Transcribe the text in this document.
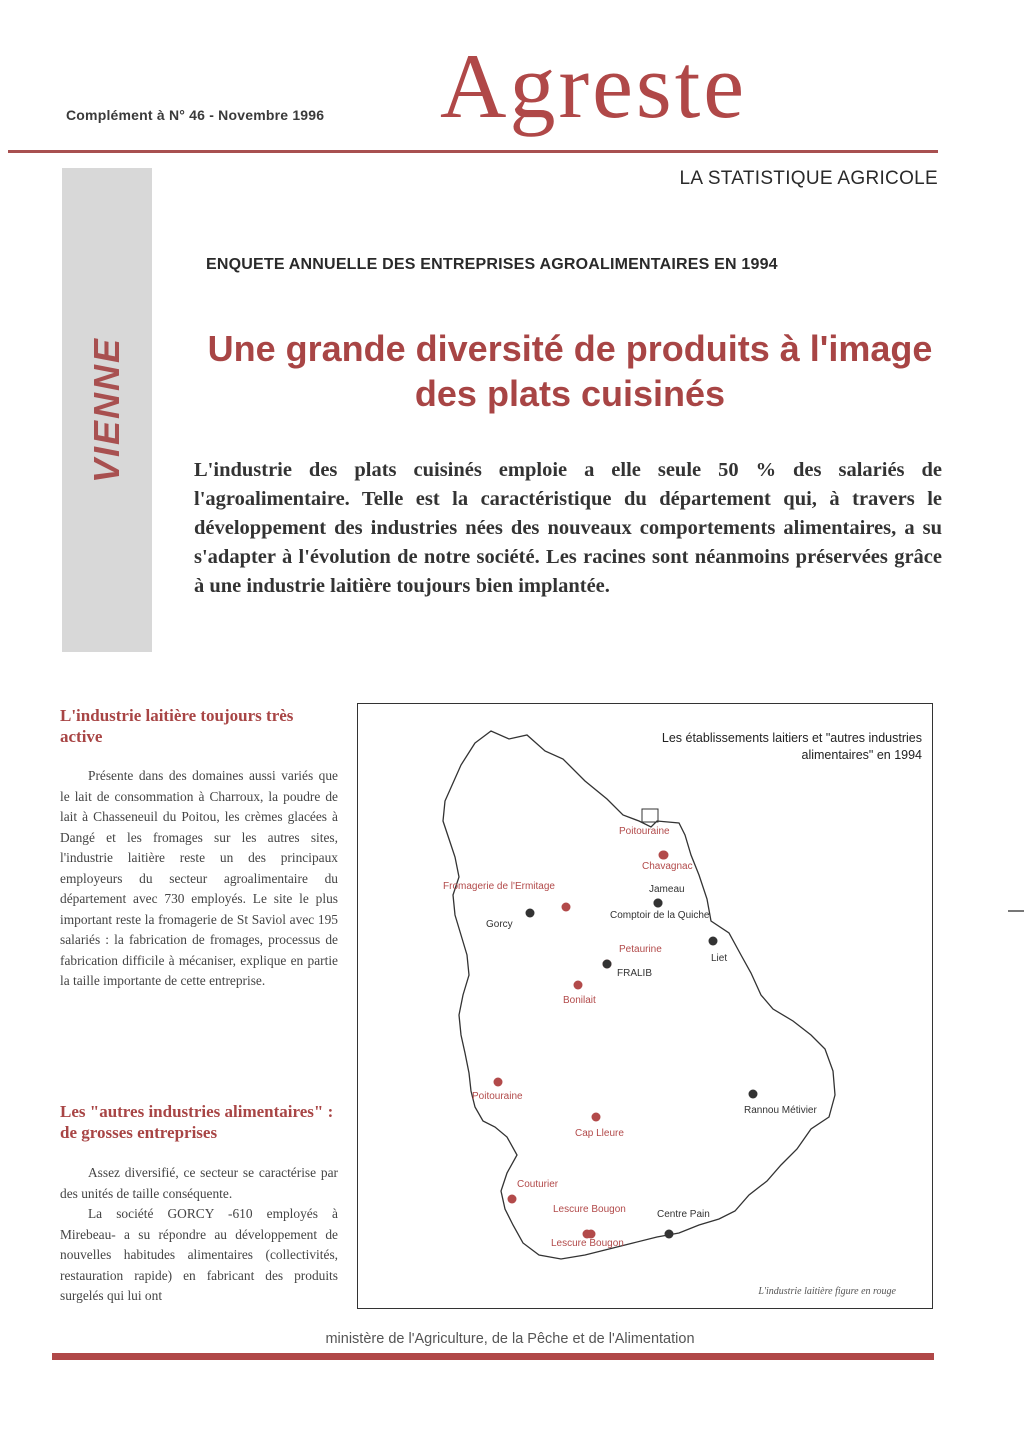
Complément à N° 46 - Novembre 1996 Agreste
LA STATISTIQUE AGRICOLE
VIENNE
ENQUETE ANNUELLE DES ENTREPRISES AGROALIMENTAIRES EN 1994
Une grande diversité de produits à l'image des plats cuisinés
L'industrie des plats cuisinés emploie a elle seule 50 % des salariés de l'agroalimentaire. Telle est la caractéristique du département qui, à travers le développement des industries nées des nouveaux comportements alimentaires, a su s'adapter à l'évolution de notre société. Les racines sont néanmoins préservées grâce à une industrie laitière toujours bien implantée.
L'industrie laitière toujours très active

Présente dans des domaines aussi variés que le lait de consommation à Charroux, la poudre de lait à Chasseneuil du Poitou, les crèmes glacées à Dangé et les fromages sur les autres sites, l'industrie laitière reste un des principaux employeurs du secteur agroalimentaire du département avec 730 employés. Le site le plus important reste la fromagerie de St Saviol avec 195 salariés : la fabrication de fromages, processus de fabrication difficile à mécaniser, explique en partie la taille importante de cette entreprise.

Les "autres industries alimentaires" : de grosses entreprises

Assez diversifié, ce secteur se caractérise par des unités de taille conséquente.

La société GORCY -610 employés à Mirebeau- a su répondre au développement de nouvelles habitudes alimentaires (collectivités, restauration rapide) en fabricant des produits surgelés qui lui ont

Les établissements laitiers et "autres industries alimentaires" en 1994
Poitouraine
Chavagnac
Fromagerie de l'Ermitage
Gorcy
Jameau
Comptoir de la Quiche
Petaurine
FRALIB
Liet
Bonilait
Poitouraine
Cap Lleure
Rannou Métivier
Couturier
Lescure Bougon
Lescure Bougon
Centre Pain
L'industrie laitière figure en rouge
ministère de l'Agriculture, de la Pêche et de l'Alimentation
